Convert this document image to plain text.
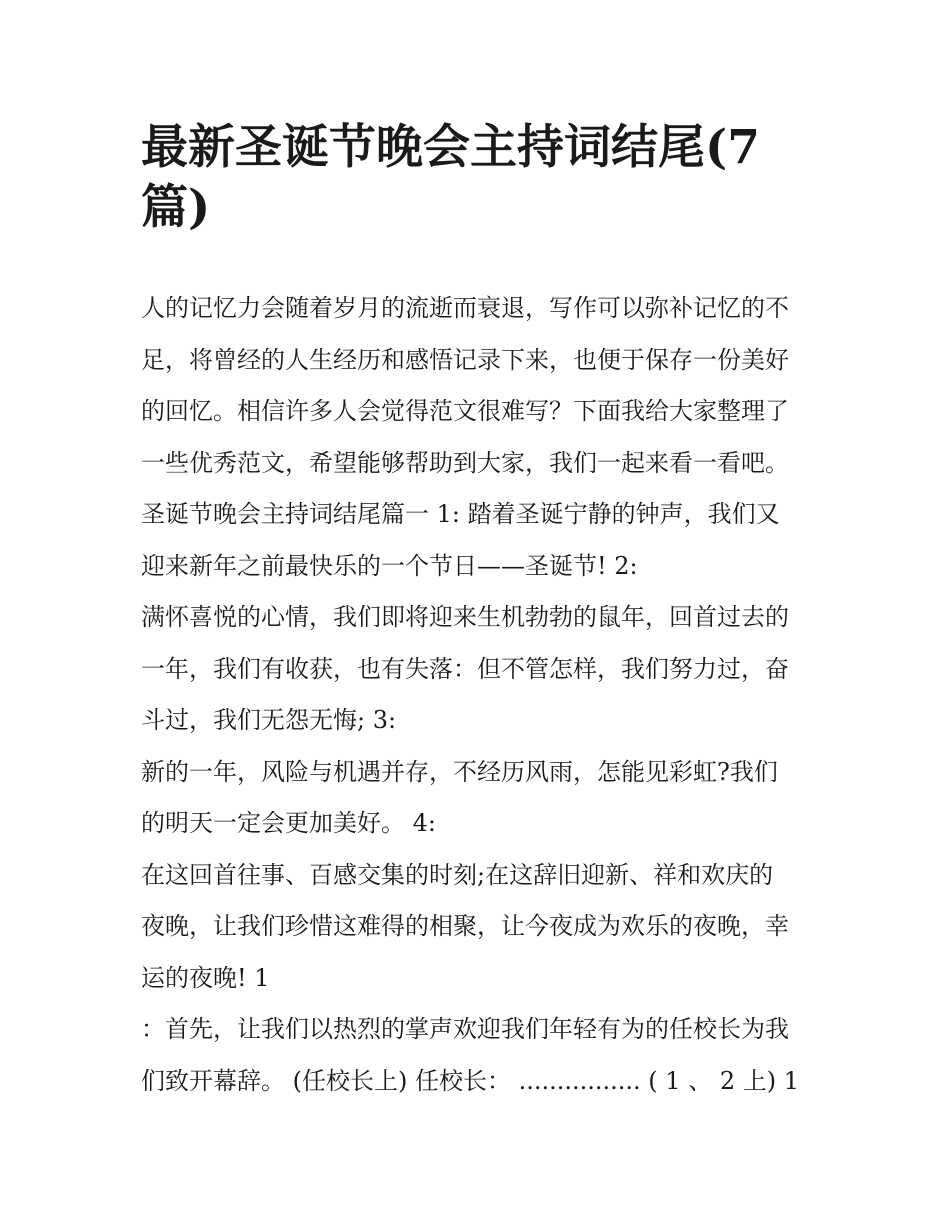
最新圣诞节晚会主持词结尾(7
篇)
人的记忆力会随着岁月的流逝而衰退，写作可以弥补记忆的不
足，将曾经的人生经历和感悟记录下来，也便于保存一份美好
的回忆。相信许多人会觉得范文很难写？下面我给大家整理了
一些优秀范文，希望能够帮助到大家，我们一起来看一看吧。
圣诞节晚会主持词结尾篇一 1: 踏着圣诞宁静的钟声，我们又
迎来新年之前最快乐的一个节日——圣诞节! 2:
满怀喜悦的心情，我们即将迎来生机勃勃的鼠年，回首过去的
一年，我们有收获，也有失落：但不管怎样，我们努力过，奋
斗过，我们无怨无悔; 3:
新的一年，风险与机遇并存，不经历风雨，怎能见彩虹?我们
的明天一定会更加美好。 4:
在这回首往事、百感交集的时刻;在这辞旧迎新、祥和欢庆的
夜晚，让我们珍惜这难得的相聚，让今夜成为欢乐的夜晚，幸
运的夜晚! 1
：首先，让我们以热烈的掌声欢迎我们年轻有为的任校长为我
们致开幕辞。 (任校长上) 任校长： ................ ( 1 、 2 上) 1
